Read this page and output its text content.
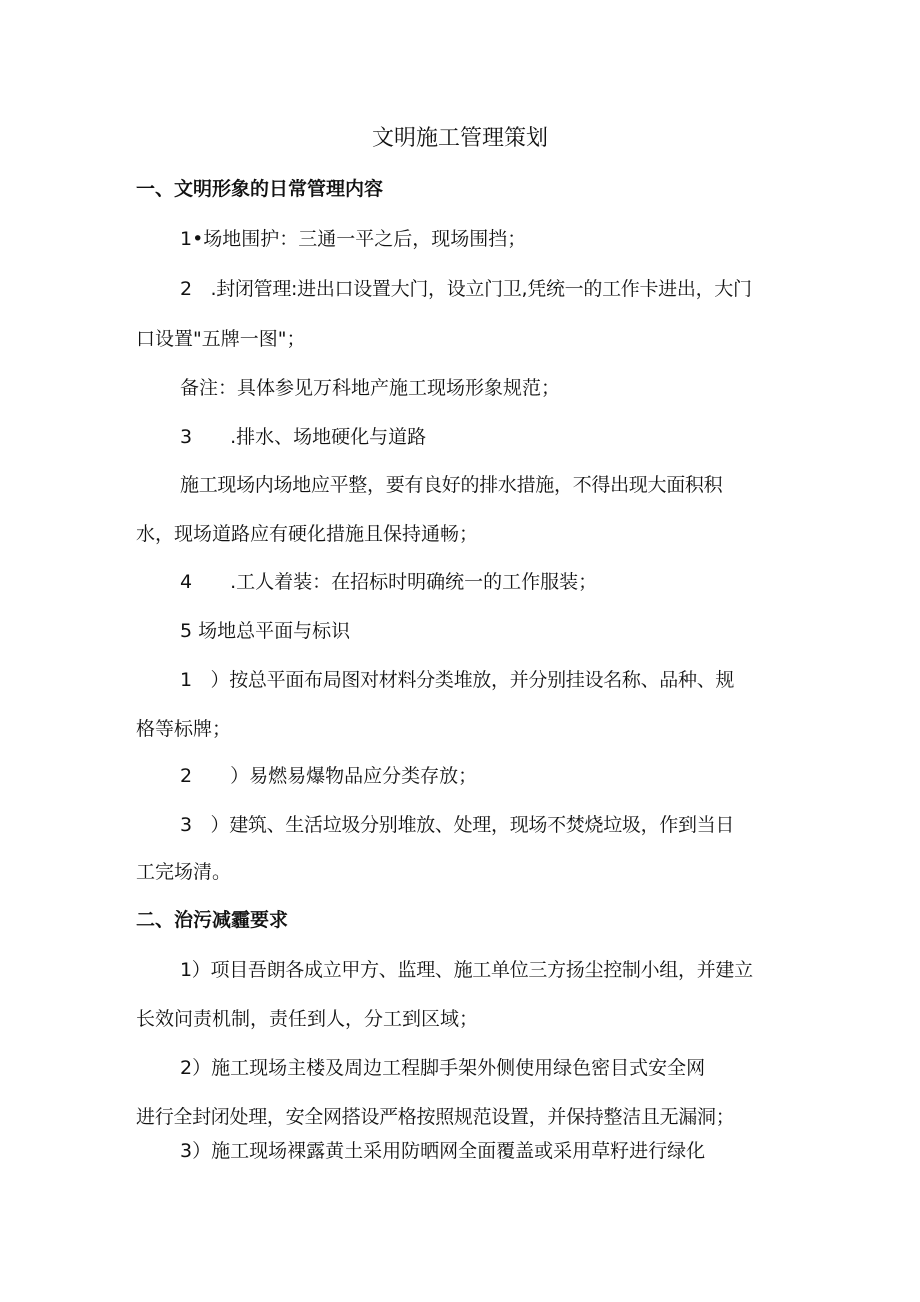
文明施工管理策划
一、文明形象的日常管理内容
1•场地围护：三通一平之后，现场围挡；
2　.封闭管理:进出口设置大门，设立门卫,凭统一的工作卡进出，大门
口设置"五牌一图"；
备注：具体参见万科地产施工现场形象规范；
3　　.排水、场地硬化与道路
施工现场内场地应平整，要有良好的排水措施，不得出现大面积积
水，现场道路应有硬化措施且保持通畅；
4　　.工人着装：在招标时明确统一的工作服装；
5 场地总平面与标识
1　）按总平面布局图对材料分类堆放，并分别挂设名称、品种、规
格等标牌；
2　　）易燃易爆物品应分类存放；
3　）建筑、生活垃圾分别堆放、处理，现场不焚烧垃圾，作到当日
工完场清。
二、治污减霾要求
1）项目吾朗各成立甲方、监理、施工单位三方扬尘控制小组，并建立
长效问责机制，责任到人，分工到区域；
2）施工现场主楼及周边工程脚手架外侧使用绿色密目式安全网
进行全封闭处理，安全网搭设严格按照规范设置，并保持整洁且无漏洞；
3）施工现场裸露黄土采用防晒网全面覆盖或采用草籽进行绿化
